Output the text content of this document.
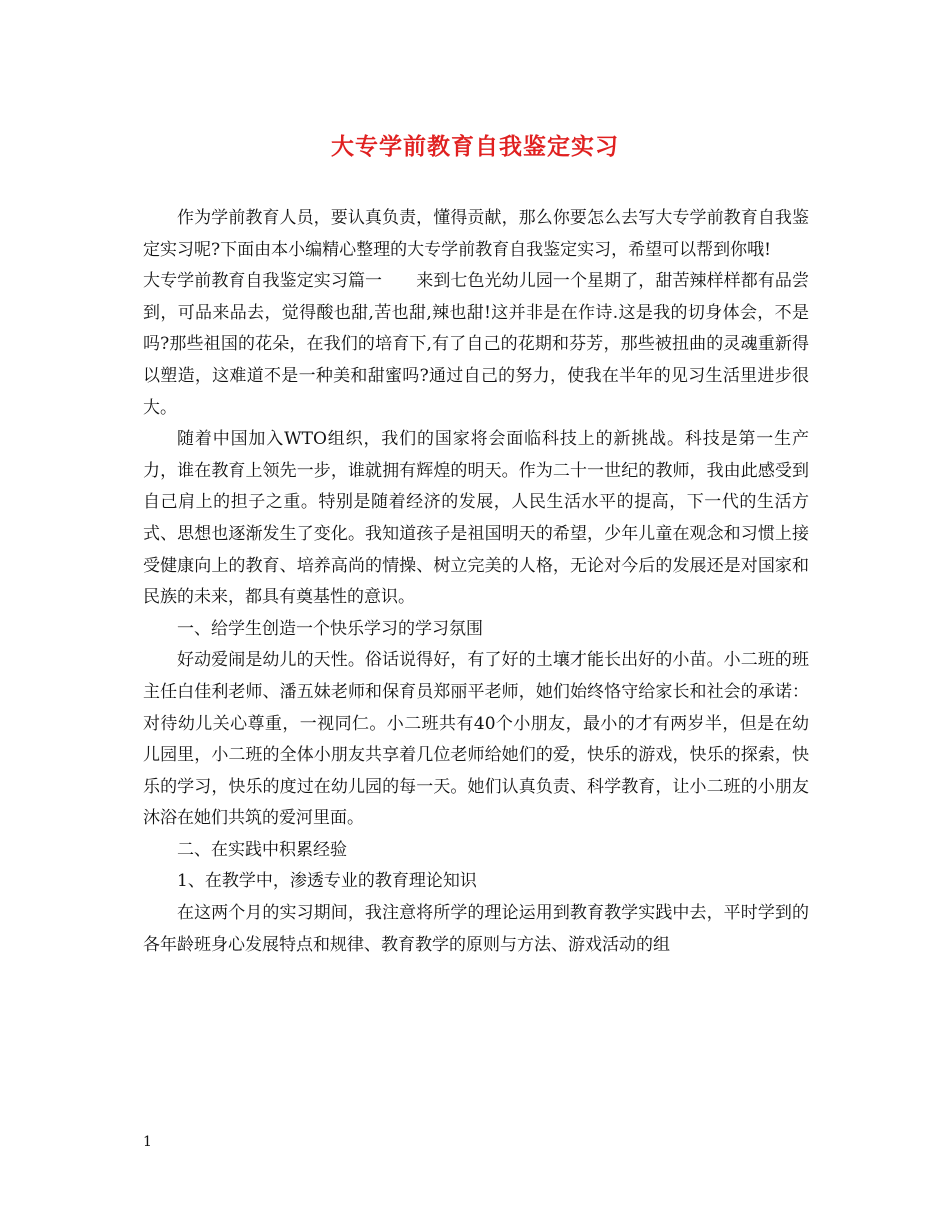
大专学前教育自我鉴定实习

作为学前教育人员，要认真负责，懂得贡献，那么你要怎么去写大专学前教育自我鉴定实习呢?下面由本小编精心整理的大专学前教育自我鉴定实习，希望可以帮到你哦!

大专学前教育自我鉴定实习篇一　　来到七色光幼儿园一个星期了，甜苦辣样样都有品尝到，可品来品去，觉得酸也甜,苦也甜,辣也甜!这并非是在作诗.这是我的切身体会，不是吗?那些祖国的花朵，在我们的培育下,有了自己的花期和芬芳，那些被扭曲的灵魂重新得以塑造，这难道不是一种美和甜蜜吗?通过自己的努力，使我在半年的见习生活里进步很大。

随着中国加入WTO组织，我们的国家将会面临科技上的新挑战。科技是第一生产力，谁在教育上领先一步，谁就拥有辉煌的明天。作为二十一世纪的教师，我由此感受到自己肩上的担子之重。特别是随着经济的发展，人民生活水平的提高，下一代的生活方式、思想也逐渐发生了变化。我知道孩子是祖国明天的希望，少年儿童在观念和习惯上接受健康向上的教育、培养高尚的情操、树立完美的人格，无论对今后的发展还是对国家和民族的未来，都具有奠基性的意识。

一、给学生创造一个快乐学习的学习氛围

好动爱闹是幼儿的天性。俗话说得好，有了好的土壤才能长出好的小苗。小二班的班主任白佳利老师、潘五妹老师和保育员郑丽平老师，她们始终恪守给家长和社会的承诺：对待幼儿关心尊重，一视同仁。小二班共有40个小朋友，最小的才有两岁半，但是在幼儿园里，小二班的全体小朋友共享着几位老师给她们的爱，快乐的游戏，快乐的探索，快乐的学习，快乐的度过在幼儿园的每一天。她们认真负责、科学教育，让小二班的小朋友沐浴在她们共筑的爱河里面。

二、在实践中积累经验

1、在教学中，渗透专业的教育理论知识

在这两个月的实习期间，我注意将所学的理论运用到教育教学实践中去，平时学到的各年龄班身心发展特点和规律、教育教学的原则与方法、游戏活动的组

1
